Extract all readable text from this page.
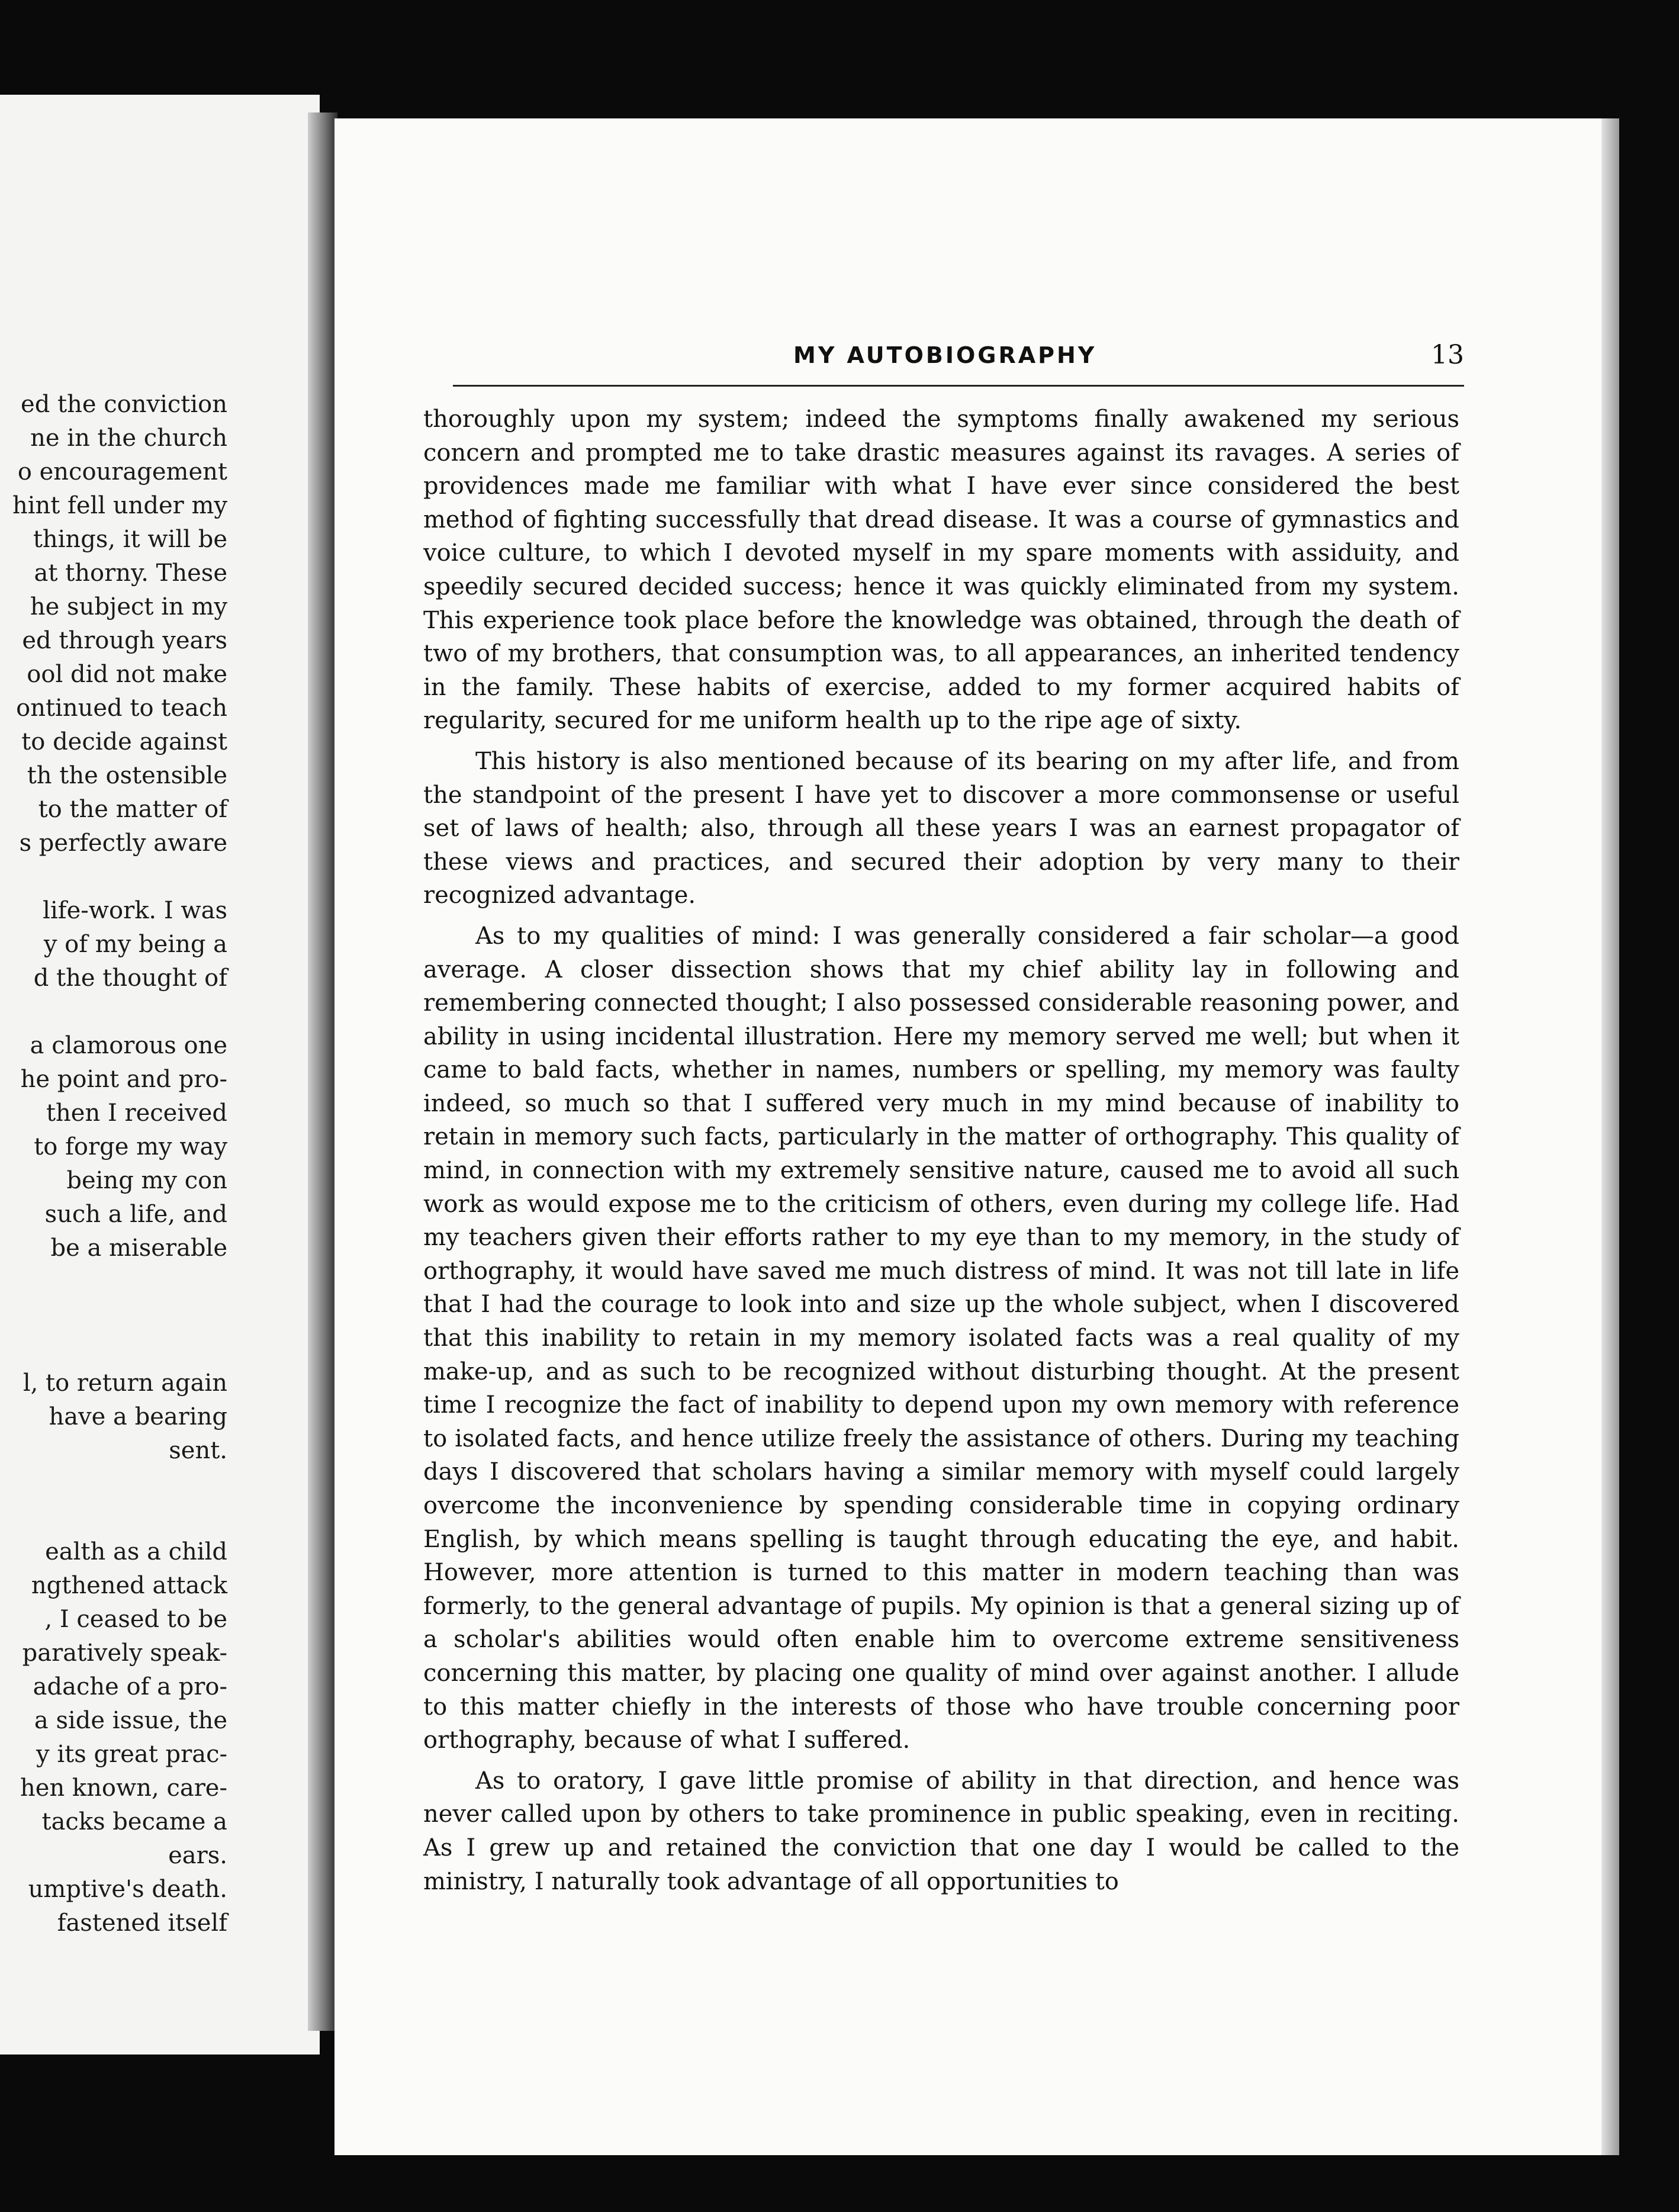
ed the conviction
ne in the church
o encouragement
hint fell under my
things, it will be
at thorny. These
he subject in my
ed through years
ool did not make
ontinued to teach
to decide against
th the ostensible
to the matter of
s perfectly aware
life-work. I was
y of my being a
d the thought of
a clamorous one
he point and pro-
then I received
to forge my way
being my con
such a life, and
be a miserable
l, to return again
have a bearing
sent.
ealth as a child
ngthened attack
, I ceased to be
paratively speak-
adache of a pro-
a side issue, the
y its great prac-
hen known, care-
tacks became a
ears.
umptive's death.
fastened itself
MY AUTOBIOGRAPHY	13

thoroughly upon my system; indeed the symptoms finally awakened my serious concern and prompted me to take drastic measures against its ravages. A series of providences made me familiar with what I have ever since considered the best method of fighting successfully that dread disease. It was a course of gymnastics and voice culture, to which I devoted myself in my spare moments with assiduity, and speedily secured decided success; hence it was quickly eliminated from my system. This experience took place before the knowledge was obtained, through the death of two of my brothers, that consumption was, to all appearances, an inherited tendency in the family. These habits of exercise, added to my former acquired habits of regularity, secured for me uniform health up to the ripe age of sixty.

This history is also mentioned because of its bearing on my after life, and from the standpoint of the present I have yet to discover a more commonsense or useful set of laws of health; also, through all these years I was an earnest propagator of these views and practices, and secured their adoption by very many to their recognized advantage.

As to my qualities of mind: I was generally considered a fair scholar—a good average. A closer dissection shows that my chief ability lay in following and remembering connected thought; I also possessed considerable reasoning power, and ability in using incidental illustration. Here my memory served me well; but when it came to bald facts, whether in names, numbers or spelling, my memory was faulty indeed, so much so that I suffered very much in my mind because of inability to retain in memory such facts, particularly in the matter of orthography. This quality of mind, in connection with my extremely sensitive nature, caused me to avoid all such work as would expose me to the criticism of others, even during my college life. Had my teachers given their efforts rather to my eye than to my memory, in the study of orthography, it would have saved me much distress of mind. It was not till late in life that I had the courage to look into and size up the whole subject, when I discovered that this inability to retain in my memory isolated facts was a real quality of my make-up, and as such to be recognized without disturbing thought. At the present time I recognize the fact of inability to depend upon my own memory with reference to isolated facts, and hence utilize freely the assistance of others. During my teaching days I discovered that scholars having a similar memory with myself could largely overcome the inconvenience by spending considerable time in copying ordinary English, by which means spelling is taught through educating the eye, and habit. However, more attention is turned to this matter in modern teaching than was formerly, to the general advantage of pupils. My opinion is that a general sizing up of a scholar's abilities would often enable him to overcome extreme sensitiveness concerning this matter, by placing one quality of mind over against another. I allude to this matter chiefly in the interests of those who have trouble concerning poor orthography, because of what I suffered.

As to oratory, I gave little promise of ability in that direction, and hence was never called upon by others to take prominence in public speaking, even in reciting. As I grew up and retained the conviction that one day I would be called to the ministry, I naturally took advantage of all opportunities to
